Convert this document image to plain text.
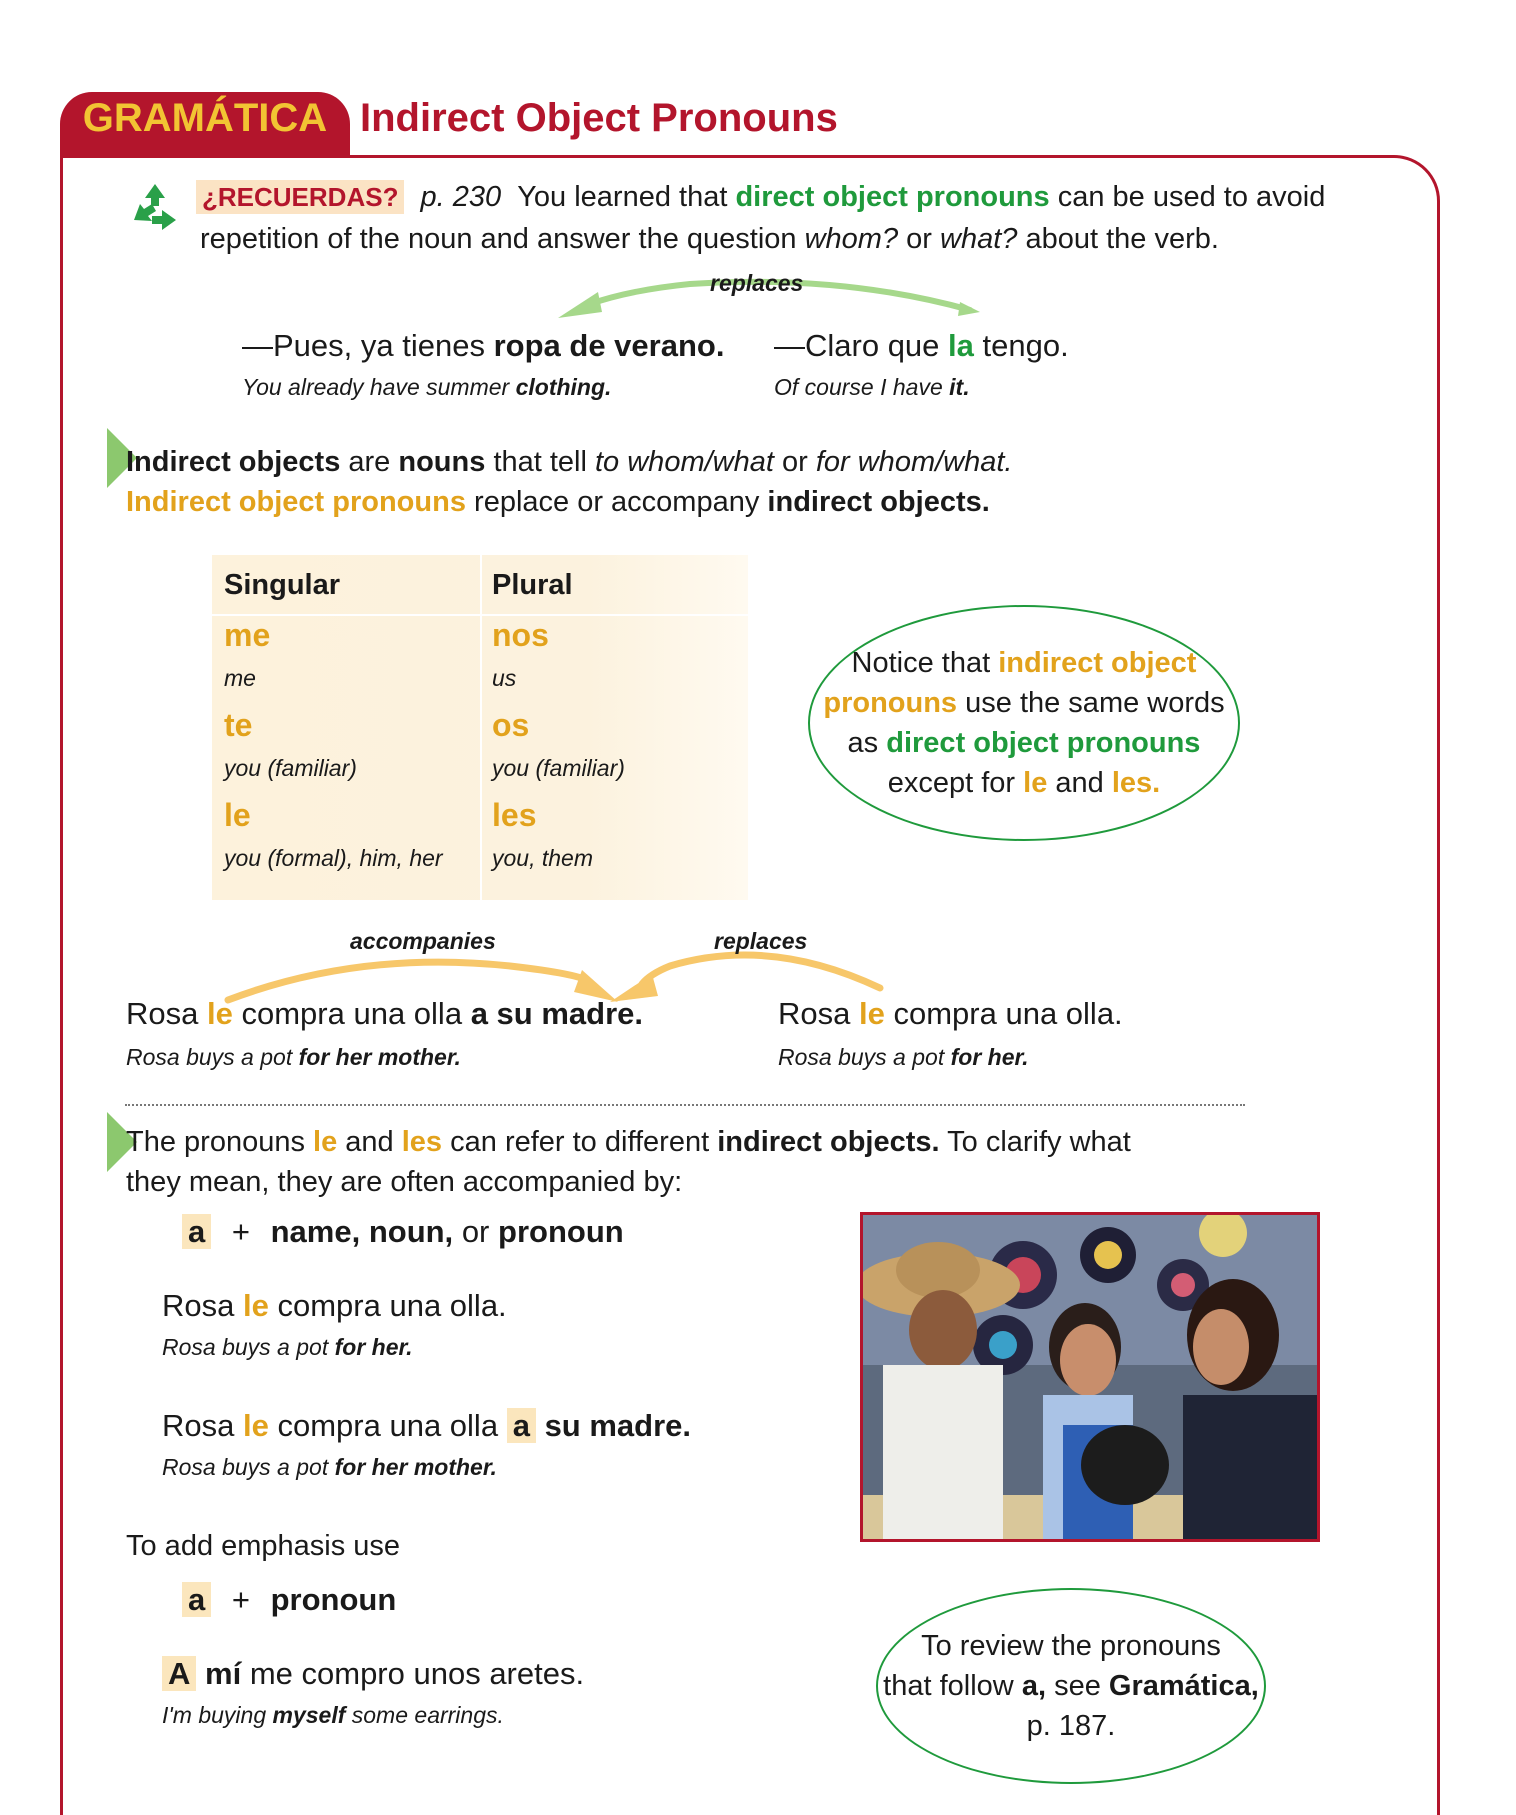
GRAMÁTICA Indirect Object Pronouns
¿RECUERDAS? p. 230 You learned that direct object pronouns can be used to avoid
repetition of the noun and answer the question whom? or what? about the verb.
replaces
—Pues, ya tienes ropa de verano.
You already have summer clothing.
—Claro que la tengo.
Of course I have it.
Indirect objects are nouns that tell to whom/what or for whom/what.
Indirect object pronouns replace or accompany indirect objects.
Singular	Plural
me
me
nos
us
te
you (familiar)
os
you (familiar)
le
you (formal), him, her
les
you, them
Notice that indirect object
pronouns use the same words
as direct object pronouns
except for le and les.
accompanies	replaces
Rosa le compra una olla a su madre.
Rosa buys a pot for her mother.
Rosa le compra una olla.
Rosa buys a pot for her.
The pronouns le and les can refer to different indirect objects. To clarify what
they mean, they are often accompanied by:
a + name, noun, or pronoun
Rosa le compra una olla.
Rosa buys a pot for her.
Rosa le compra una olla a su madre.
Rosa buys a pot for her mother.
To add emphasis use
a + pronoun
A mí me compro unos aretes.
I'm buying myself some earrings.
To review the pronouns
that follow a, see Gramática,
p. 187.
